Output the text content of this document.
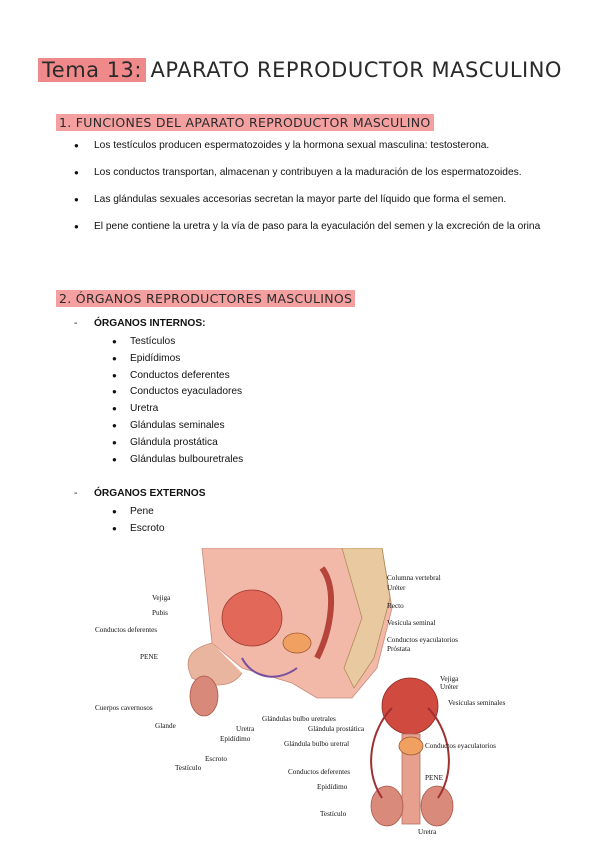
Tema 13: APARATO REPRODUCTOR MASCULINO
1. FUNCIONES DEL APARATO REPRODUCTOR MASCULINO
● Los testículos producen espermatozoides y la hormona sexual masculina: testosterona.
● Los conductos transportan, almacenan y contribuyen a la maduración de los espermatozoides.
● Las glándulas sexuales accesorias secretan la mayor parte del líquido que forma el semen.
● El pene contiene la uretra y la vía de paso para la eyaculación del semen y la excreción de la orina
2. ÓRGANOS REPRODUCTORES MASCULINOS
- ÓRGANOS INTERNOS:
● Testículos
● Epidídimos
● Conductos deferentes
● Conductos eyaculadores
● Uretra
● Glándulas seminales
● Glándula prostática
● Glándulas bulbouretrales
- ÓRGANOS EXTERNOS
● Pene
● Escroto
Columna vertebral
Uréter
Vejiga
Pubis
Recto
Conductos deferentes
Vesícula seminal
Conductos eyaculatorios
Próstata
PENE
Cuerpos cavernosos
Glande	Uretra
Glándulas bulbo uretrales
Epidídimo
Escroto
Testículo
Vejiga
Uréter
Vesículas seminales
Glándula prostática
Glándula bulbo uretral	Conductos eyaculatorios
Conductos deferentes
PENE
Epidídimo
Testículo
Uretra
